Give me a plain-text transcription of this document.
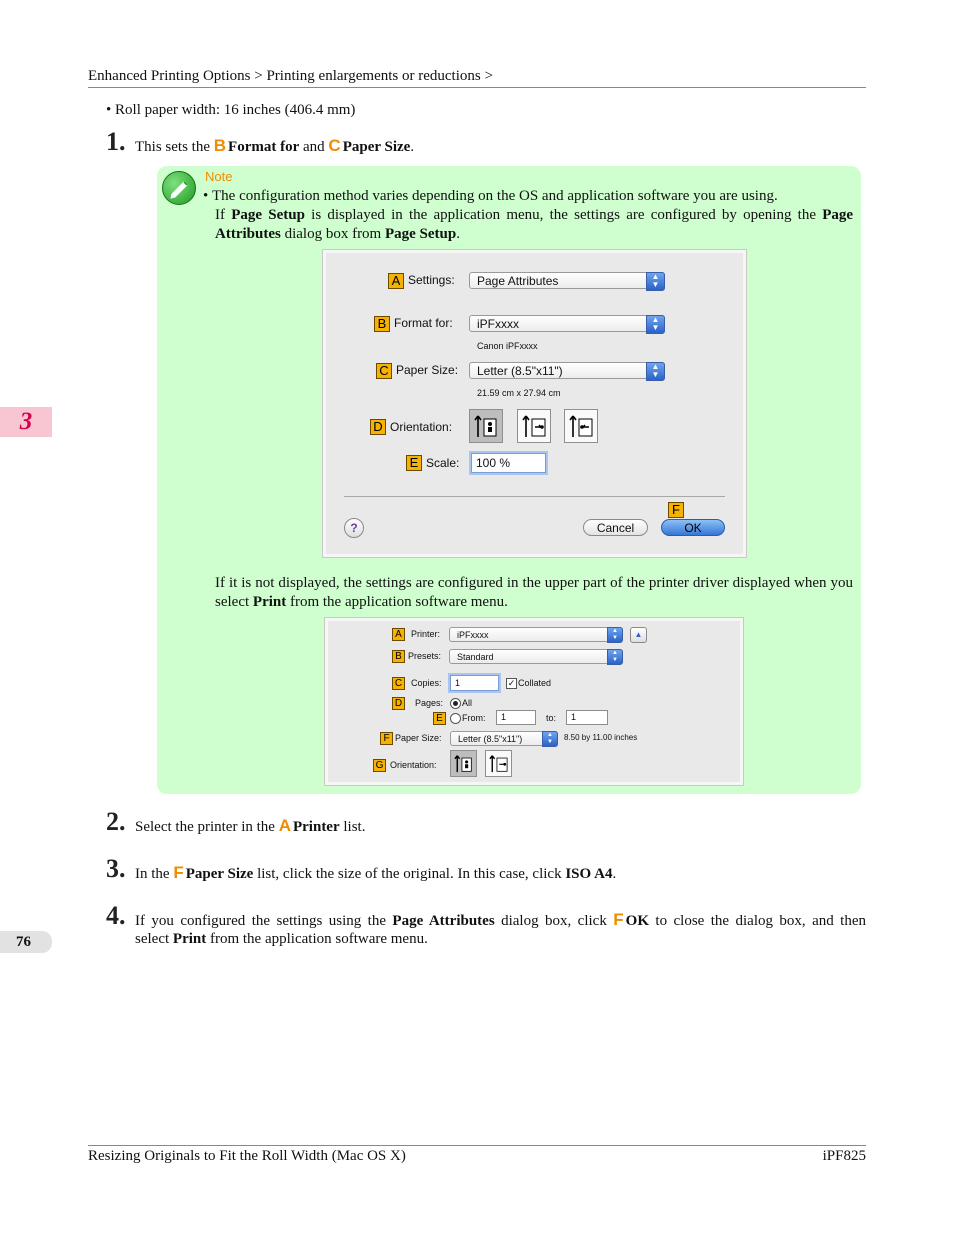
Enhanced Printing Options > Printing enlargements or reductions >
• Roll paper width: 16 inches (406.4 mm)
1. This sets the B Format for and C Paper Size.
Note
• The configuration method varies depending on the OS and application software you are using.
If Page Setup is displayed in the application menu, the settings are configured by opening the Page
Attributes dialog box from Page Setup.
A Settings:	Page Attributes	▲
▼
B Format for:	iPFxxxx	▲
▼
Canon iPFxxxx
C Paper Size:	Letter (8.5"x11")	▲
▼
21.59 cm x 27.94 cm
D Orientation:
E Scale:	100 %
?	Cancel
F
OK
If it is not displayed, the settings are configured in the upper part of the printer driver displayed when you select Print from the application software menu.
A	Printer:	iPFxxxx	▲
▼	▲
B Presets:	Standard	▲
▼
C Copies:	1	✓ Collated
D	Pages: All
E	From:	1	to:	1
F Paper Size:	Letter (8.5"x11")	▲
▼	8.50 by 11.00 inches
G Orientation:
2. Select the printer in the A Printer list.
3. In the F Paper Size list, click the size of the original. In this case, click ISO A4.
4. If you configured the settings using the Page Attributes dialog box, click F OK to close the dialog box, and then
select Print from the application software menu.
3
76
Resizing Originals to Fit the Roll Width (Mac OS X)	iPF825
